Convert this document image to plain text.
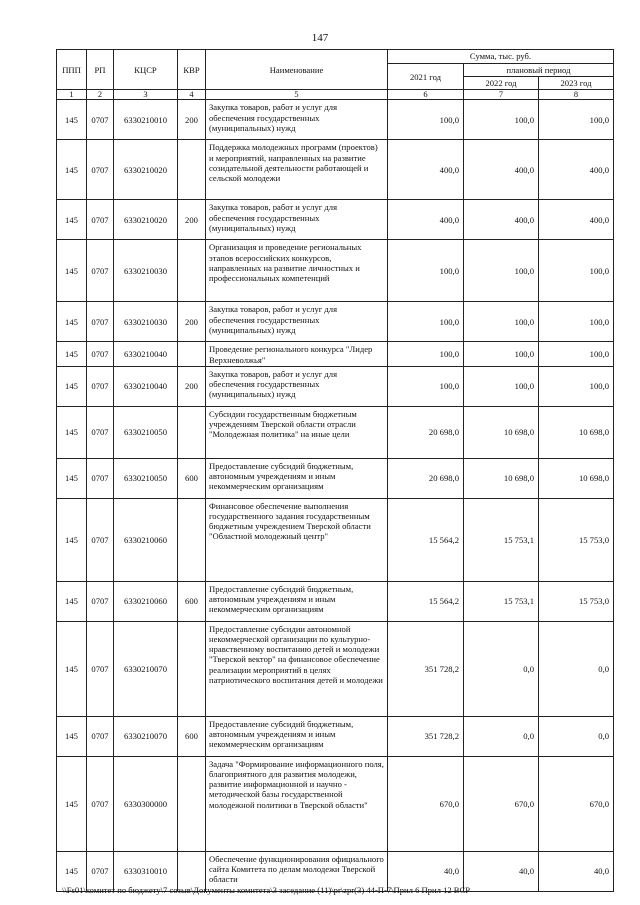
147
ППП	РП	КЦСР	КВР	Наименование	Сумма, тыс. руб.		
					2021 год	плановый период	
						2022 год	2023 год
1	2	3	4	5	6	7	8
145	0707	6330210010	200	Закупка товаров, работ и услуг для обеспечения государственных (муниципальных) нужд	100,0	100,0	100,0
145	0707	6330210020		Поддержка молодежных программ (проектов) и мероприятий, направленных на развитие созидательной деятельности работающей и сельской молодежи	400,0	400,0	400,0
145	0707	6330210020	200	Закупка товаров, работ и услуг для обеспечения государственных (муниципальных) нужд	400,0	400,0	400,0
145	0707	6330210030		Организация и проведение региональных этапов всероссийских конкурсов, направленных на развитие личностных и профессиональных компетенций	100,0	100,0	100,0
145	0707	6330210030	200	Закупка товаров, работ и услуг для обеспечения государственных (муниципальных) нужд	100,0	100,0	100,0
145	0707	6330210040		Проведение регионального конкурса "Лидер Верхневолжья"	100,0	100,0	100,0
145	0707	6330210040	200	Закупка товаров, работ и услуг для обеспечения государственных (муниципальных) нужд	100,0	100,0	100,0
145	0707	6330210050		Субсидии государственным бюджетным учреждениям Тверской области отрасли "Молодежная политика" на иные цели	20 698,0	10 698,0	10 698,0
145	0707	6330210050	600	Предоставление субсидий бюджетным, автономным учреждениям и иным некоммерческим организациям	20 698,0	10 698,0	10 698,0
145	0707	6330210060		Финансовое обеспечение выполнения государственного задания государственным бюджетным учреждением Тверской области "Областной молодежный центр"	15 564,2	15 753,1	15 753,0
145	0707	6330210060	600	Предоставление субсидий бюджетным, автономным учреждениям и иным некоммерческим организациям	15 564,2	15 753,1	15 753,0
145	0707	6330210070		Предоставление субсидии автономной некоммерческой организации по культурно-нравственному воспитанию детей и молодежи "Тверской вектор" на финансовое обеспечение реализации мероприятий в целях патриотического воспитания детей и молодежи	351 728,2	0,0	0,0
145	0707	6330210070	600	Предоставление субсидий бюджетным, автономным учреждениям и иным некоммерческим организациям	351 728,2	0,0	0,0
145	0707	6330300000		Задача "Формирование информационного поля, благоприятного для развития молодежи, развитие информационной и научно - методической базы государственной молодежной политики в Тверской области"	670,0	670,0	670,0
145	0707	6330310010		Обеспечение функционирования официального сайта Комитета по делам молодежи Тверской области	40,0	40,0	40,0
\\Fs01\комитет по бюджету\7 созыв\Документы комитета\3 заседание (11)\pr\zpr(3) 44-П-7\Прил 6 Прил 12 ВСР
